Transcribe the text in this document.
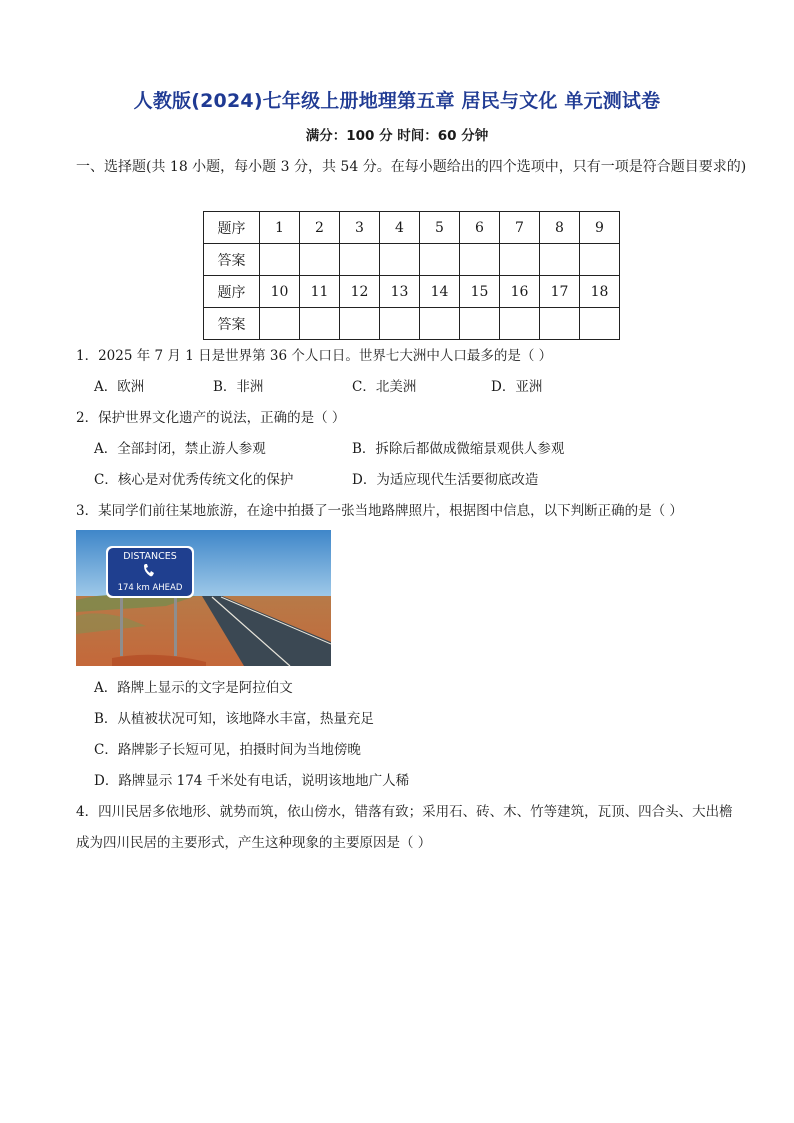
人教版(2024)七年级上册地理第五章 居民与文化 单元测试卷
满分：100 分 时间：60 分钟
一、选择题(共 18 小题，每小题 3 分，共 54 分。在每小题给出的四个选项中，只有一项是符合题目要求的)
题序	1	2	3	4	5	6	7	8	9
答案									
题序	10	11	12	13	14	15	16	17	18
答案									
1．2025 年 7 月 1 日是世界第 36 个人口日。世界七大洲中人口最多的是（ ）
A．欧洲	B．非洲	C．北美洲	D．亚洲
2．保护世界文化遗产的说法，正确的是（ ）
A．全部封闭，禁止游人参观	B．拆除后都做成微缩景观供人参观
C．核心是对优秀传统文化的保护	D．为适应现代生活要彻底改造
3．某同学们前往某地旅游，在途中拍摄了一张当地路牌照片，根据图中信息，以下判断正确的是（ ）
DISTANCES
174 km AHEAD
A．路牌上显示的文字是阿拉伯文
B．从植被状况可知，该地降水丰富，热量充足
C．路牌影子长短可见，拍摄时间为当地傍晚
D．路牌显示 174 千米处有电话，说明该地地广人稀
4．四川民居多依地形、就势而筑，依山傍水，错落有致；采用石、砖、木、竹等建筑，瓦顶、四合头、大出檐
成为四川民居的主要形式，产生这种现象的主要原因是（ ）
